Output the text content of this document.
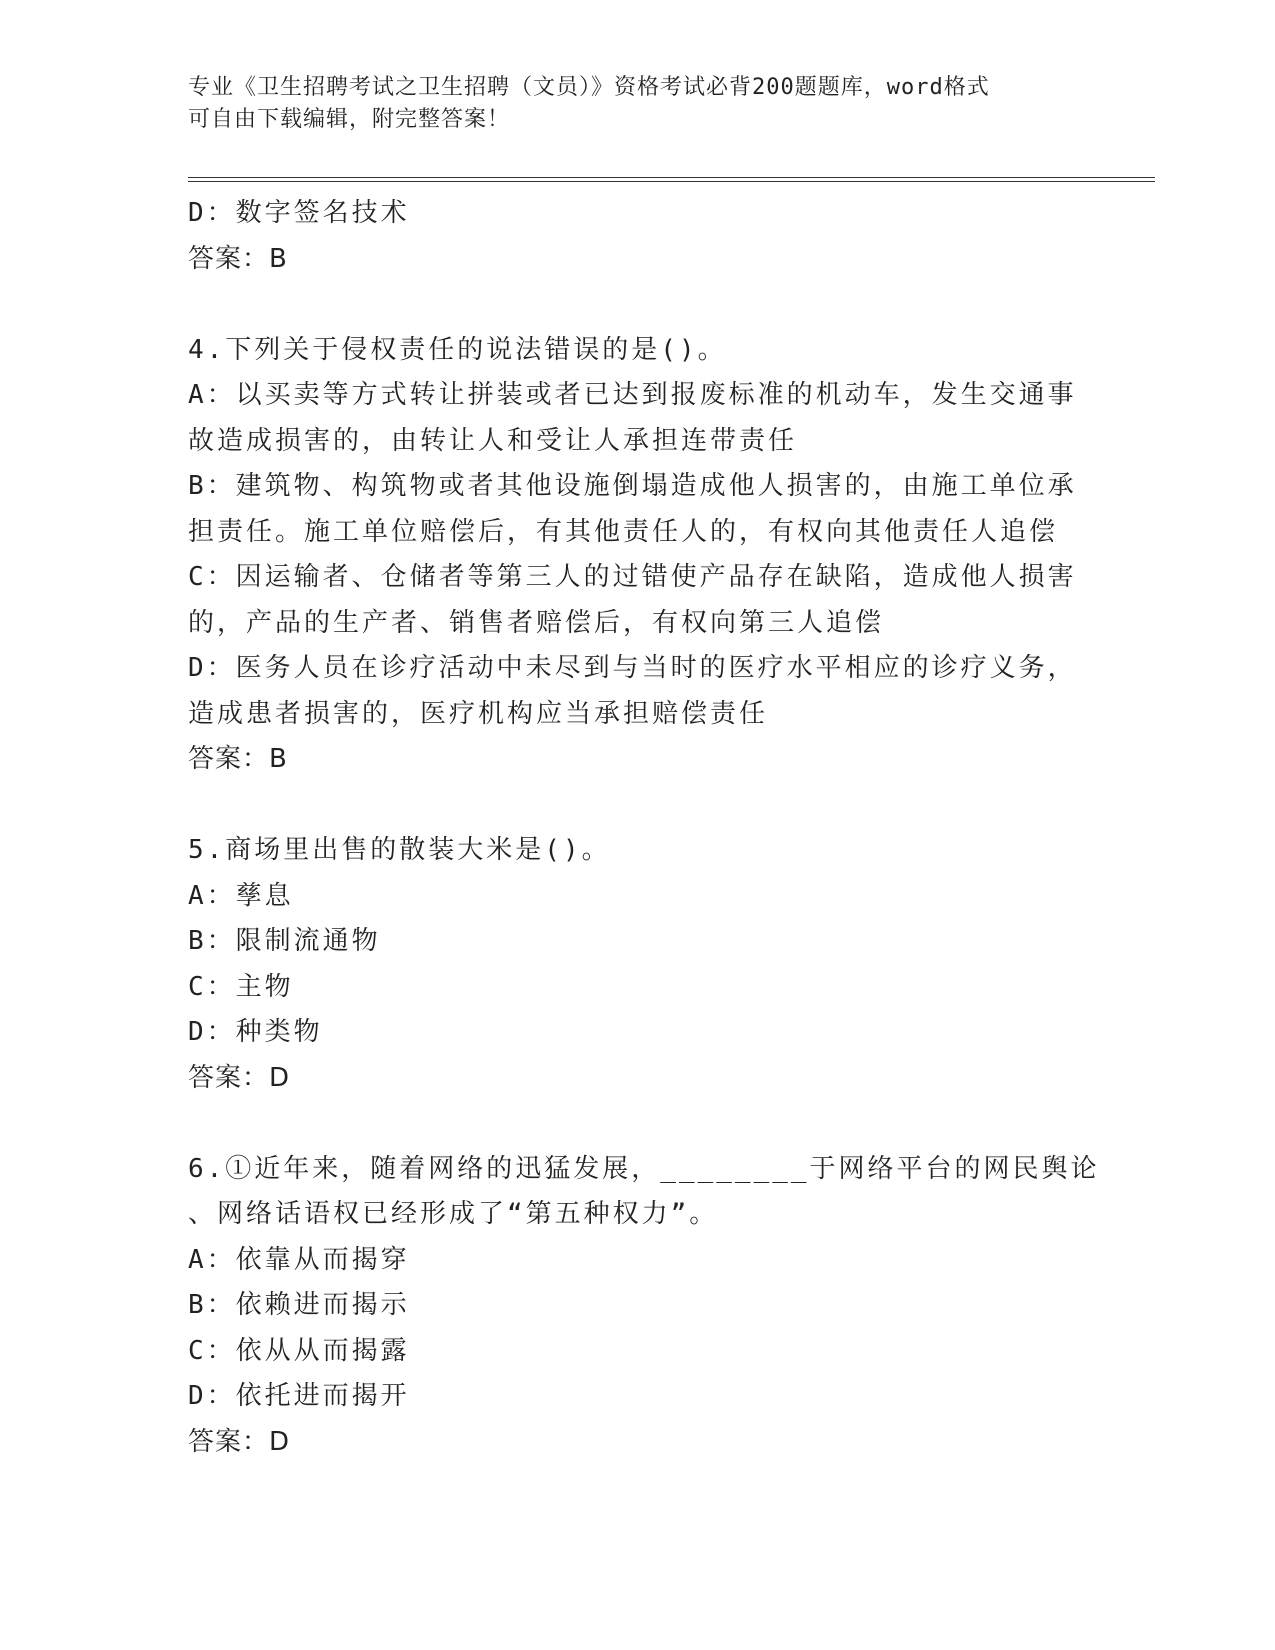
专业《卫生招聘考试之卫生招聘（文员）》资格考试必背200题题库，word格式
可自由下载编辑，附完整答案！
D：数字签名技术
答案：B
4.下列关于侵权责任的说法错误的是()。
A：以买卖等方式转让拼装或者已达到报废标准的机动车，发生交通事
故造成损害的，由转让人和受让人承担连带责任
B：建筑物、构筑物或者其他设施倒塌造成他人损害的，由施工单位承
担责任。施工单位赔偿后，有其他责任人的，有权向其他责任人追偿
C：因运输者、仓储者等第三人的过错使产品存在缺陷，造成他人损害
的，产品的生产者、销售者赔偿后，有权向第三人追偿
D：医务人员在诊疗活动中未尽到与当时的医疗水平相应的诊疗义务，
造成患者损害的，医疗机构应当承担赔偿责任
答案：B
5.商场里出售的散装大米是()。
A：孳息
B：限制流通物
C：主物
D：种类物
答案：D
6.①近年来，随着网络的迅猛发展，________于网络平台的网民舆论
、网络话语权已经形成了“第五种权力”。
A：依靠从而揭穿
B：依赖进而揭示
C：依从从而揭露
D：依托进而揭开
答案：D
